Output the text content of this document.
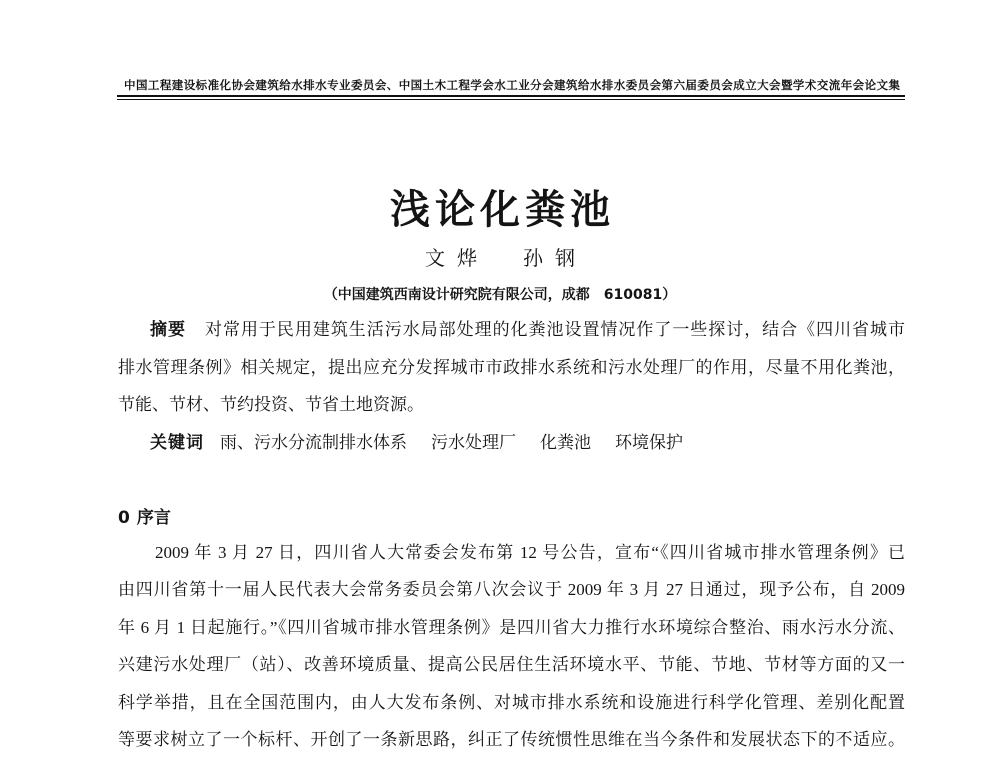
中国工程建设标准化协会建筑给水排水专业委员会、中国土木工程学会水工业分会建筑给水排水委员会第六届委员会成立大会暨学术交流年会论文集
浅论化粪池
文烨 孙钢
（中国建筑西南设计研究院有限公司，成都　610081）
摘要 对常用于民用建筑生活污水局部处理的化粪池设置情况作了一些探讨，结合《四川省城市
排水管理条例》相关规定，提出应充分发挥城市市政排水系统和污水处理厂的作用，尽量不用化粪池，
节能、节材、节约投资、节省土地资源。
关键词 雨、污水分流制排水体系 污水处理厂 化粪池 环境保护
0 序言
2009 年 3 月 27 日，四川省人大常委会发布第 12 号公告，宣布“《四川省城市排水管理条例》已
由四川省第十一届人民代表大会常务委员会第八次会议于 2009 年 3 月 27 日通过，现予公布，自 2009
年 6 月 1 日起施行。”《四川省城市排水管理条例》是四川省大力推行水环境综合整治、雨水污水分流、
兴建污水处理厂（站）、改善环境质量、提高公民居住生活环境水平、节能、节地、节材等方面的又一
科学举措，且在全国范围内，由人大发布条例、对城市排水系统和设施进行科学化管理、差别化配置
等要求树立了一个标杆、开创了一条新思路，纠正了传统惯性思维在当今条件和发展状态下的不适应。
